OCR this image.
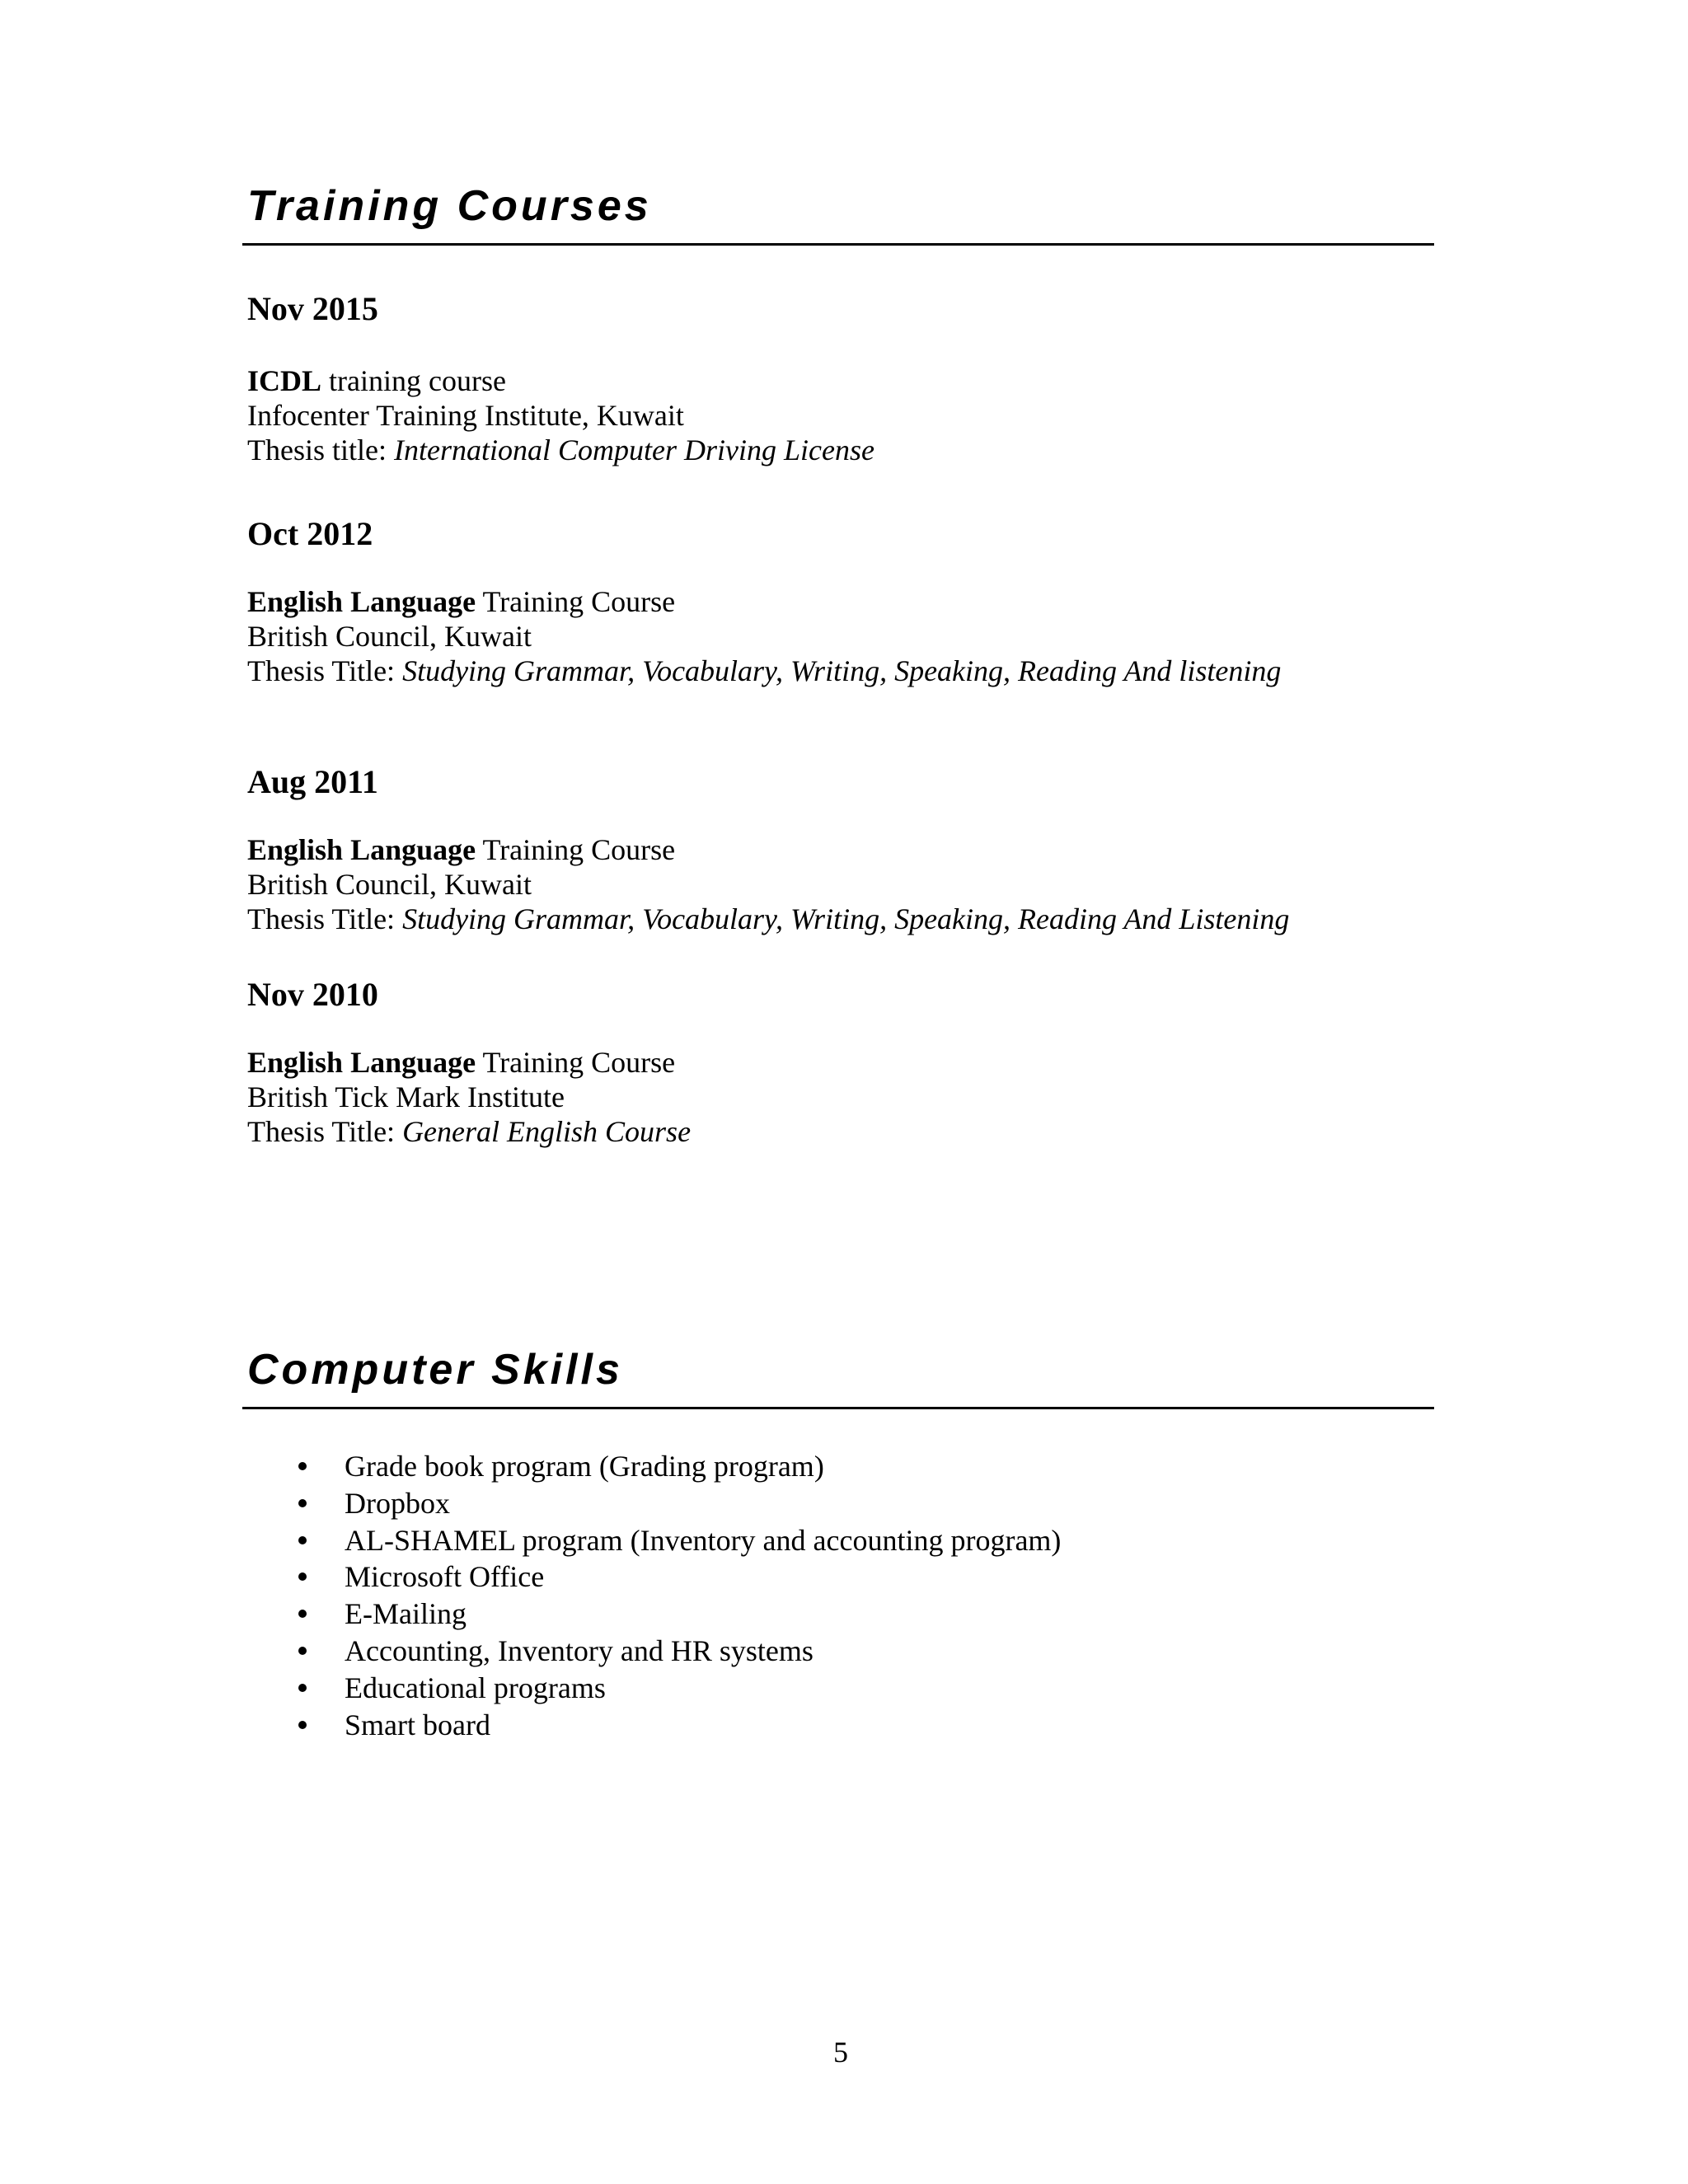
Training Courses
Nov 2015
ICDL training course
Infocenter Training Institute, Kuwait
Thesis title: International Computer Driving License
Oct 2012
English Language Training Course
British Council, Kuwait
Thesis Title: Studying Grammar, Vocabulary, Writing, Speaking, Reading And listening
Aug 2011
English Language Training Course
British Council, Kuwait
Thesis Title: Studying Grammar, Vocabulary, Writing, Speaking, Reading And Listening
Nov 2010
English Language Training Course
British Tick Mark Institute
Thesis Title: General English Course
Computer Skills
Grade book program (Grading program)
Dropbox
AL-SHAMEL program (Inventory and accounting program)
Microsoft Office
E-Mailing
Accounting, Inventory and HR systems
Educational programs
Smart board
5
